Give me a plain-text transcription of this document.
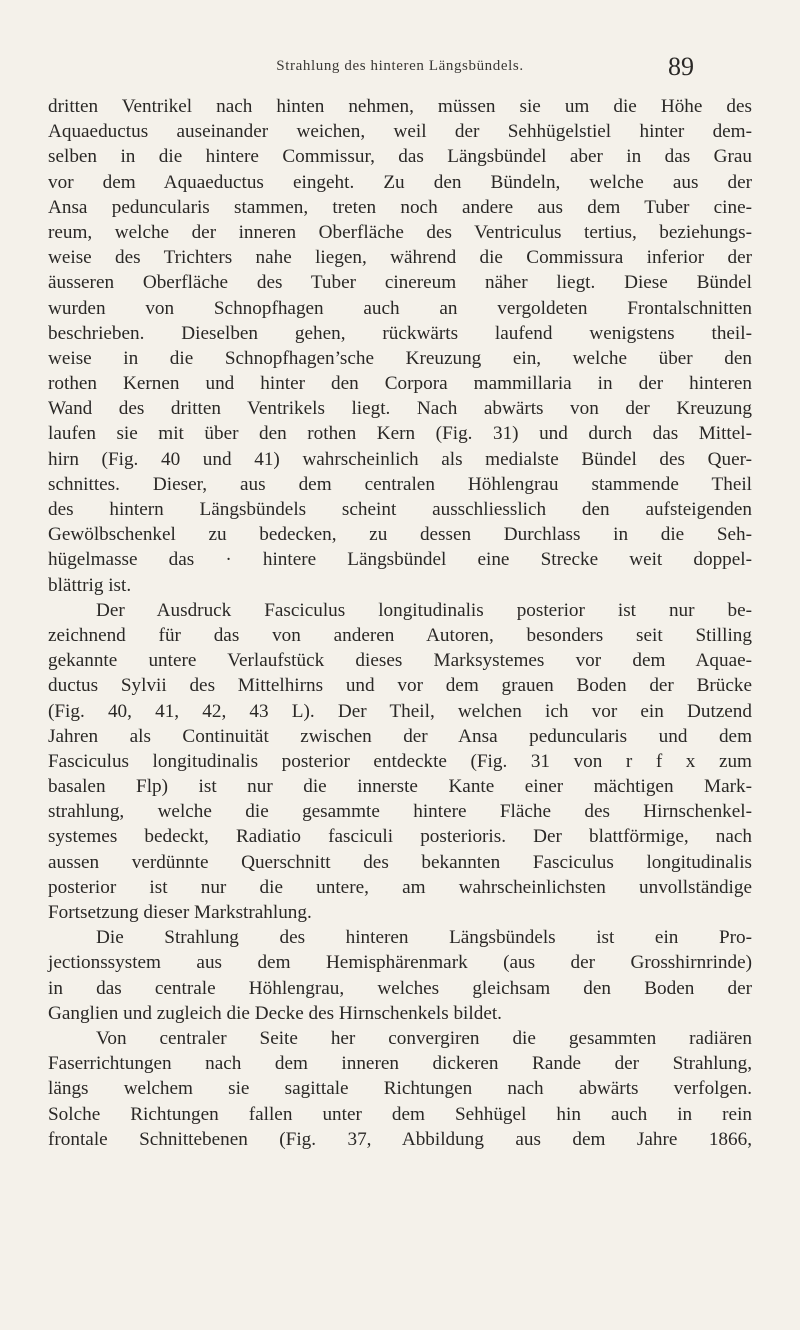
Strahlung des hinteren Längsbündels.	89
dritten Ventrikel nach hinten nehmen, müssen sie um die Höhe des
Aquaeductus auseinander weichen, weil der Sehhügelstiel hinter dem-
selben in die hintere Commissur, das Längsbündel aber in das Grau
vor dem Aquaeductus eingeht. Zu den Bündeln, welche aus der
Ansa peduncularis stammen, treten noch andere aus dem Tuber cine-
reum, welche der inneren Oberfläche des Ventriculus tertius, beziehungs-
weise des Trichters nahe liegen, während die Commissura inferior der
äusseren Oberfläche des Tuber cinereum näher liegt. Diese Bündel
wurden von Schnopfhagen auch an vergoldeten Frontalschnitten
beschrieben. Dieselben gehen, rückwärts laufend wenigstens theil-
weise in die Schnopfhagen’sche Kreuzung ein, welche über den
rothen Kernen und hinter den Corpora mammillaria in der hinteren
Wand des dritten Ventrikels liegt. Nach abwärts von der Kreuzung
laufen sie mit über den rothen Kern (Fig. 31) und durch das Mittel-
hirn (Fig. 40 und 41) wahrscheinlich als medialste Bündel des Quer-
schnittes. Dieser, aus dem centralen Höhlengrau stammende Theil
des hintern Längsbündels scheint ausschliesslich den aufsteigenden
Gewölbschenkel zu bedecken, zu dessen Durchlass in die Seh-
hügelmasse das · hintere Längsbündel eine Strecke weit doppel-
blättrig ist.
Der Ausdruck Fasciculus longitudinalis posterior ist nur be-
zeichnend für das von anderen Autoren, besonders seit Stilling
gekannte untere Verlaufstück dieses Marksystemes vor dem Aquae-
ductus Sylvii des Mittelhirns und vor dem grauen Boden der Brücke
(Fig. 40, 41, 42, 43 L). Der Theil, welchen ich vor ein Dutzend
Jahren als Continuität zwischen der Ansa peduncularis und dem
Fasciculus longitudinalis posterior entdeckte (Fig. 31 von r f x zum
basalen Flp) ist nur die innerste Kante einer mächtigen Mark-
strahlung, welche die gesammte hintere Fläche des Hirnschenkel-
systemes bedeckt, Radiatio fasciculi posterioris. Der blattförmige, nach
aussen verdünnte Querschnitt des bekannten Fasciculus longitudinalis
posterior ist nur die untere, am wahrscheinlichsten unvollständige
Fortsetzung dieser Markstrahlung.
Die Strahlung des hinteren Längsbündels ist ein Pro-
jectionssystem aus dem Hemisphärenmark (aus der Grosshirnrinde)
in das centrale Höhlengrau, welches gleichsam den Boden der
Ganglien und zugleich die Decke des Hirnschenkels bildet.
Von centraler Seite her convergiren die gesammten radiären
Faserrichtungen nach dem inneren dickeren Rande der Strahlung,
längs welchem sie sagittale Richtungen nach abwärts verfolgen.
Solche Richtungen fallen unter dem Sehhügel hin auch in rein
frontale Schnittebenen (Fig. 37, Abbildung aus dem Jahre 1866,
